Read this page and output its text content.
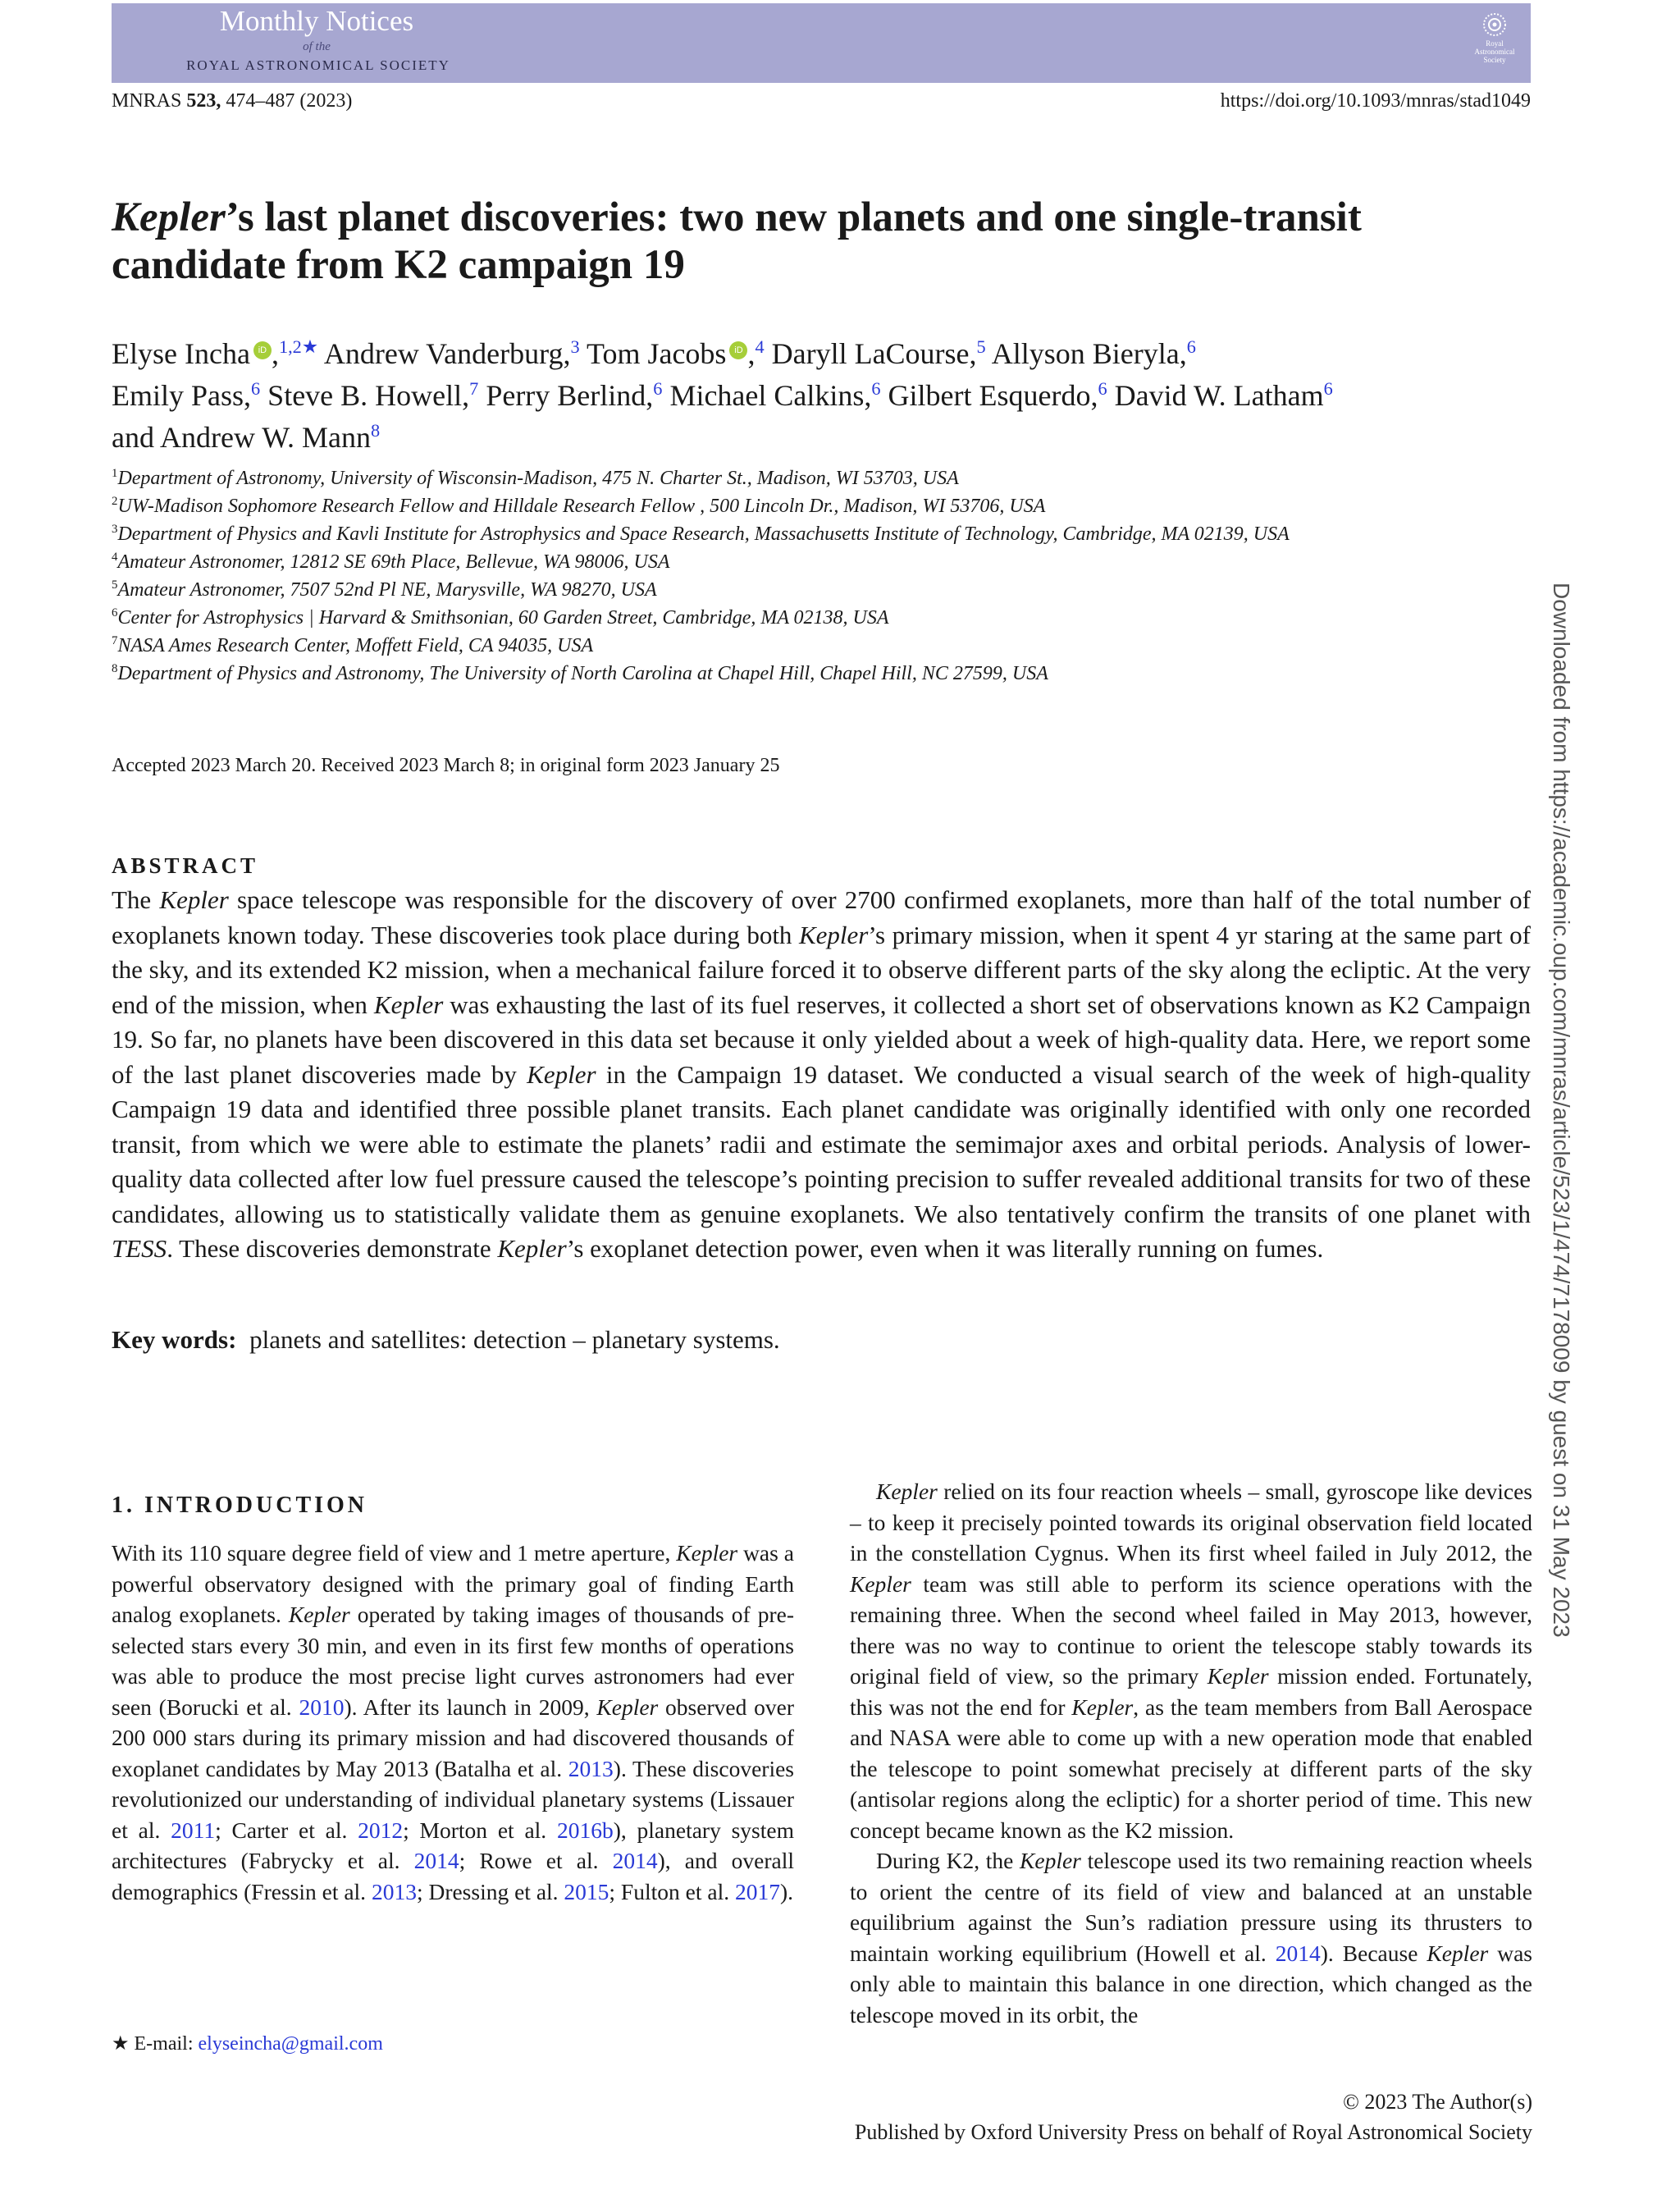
Monthly Notices
of the
ROYAL ASTRONOMICAL SOCIETY
Royal Astronomical Society
MNRAS 523, 474–487 (2023)	https://doi.org/10.1093/mnras/stad1049
Downloaded from https://academic.oup.com/mnras/article/523/1/474/7178009 by guest on 31 May 2023
Kepler’s last planet discoveries: two new planets and one single-transit candidate from K2 campaign 19
Elyse Incha iD ,$^{1,2★}$ Andrew Vanderburg,$^3$ Tom Jacobs iD ,$^4$ Daryll LaCourse,$^5$ Allyson Bieryla,$^6$
Emily Pass,$^6$ Steve B. Howell,$^7$ Perry Berlind,$^6$ Michael Calkins,$^6$ Gilbert Esquerdo,$^6$ David W. Latham$^6$
and Andrew W. Mann$^8$
$^1$Department of Astronomy, University of Wisconsin-Madison, 475 N. Charter St., Madison, WI 53703, USA
$^2$UW-Madison Sophomore Research Fellow and Hilldale Research Fellow , 500 Lincoln Dr., Madison, WI 53706, USA
$^3$Department of Physics and Kavli Institute for Astrophysics and Space Research, Massachusetts Institute of Technology, Cambridge, MA 02139, USA
$^4$Amateur Astronomer, 12812 SE 69th Place, Bellevue, WA 98006, USA
$^5$Amateur Astronomer, 7507 52nd Pl NE, Marysville, WA 98270, USA
$^6$Center for Astrophysics | Harvard & Smithsonian, 60 Garden Street, Cambridge, MA 02138, USA
$^7$NASA Ames Research Center, Moffett Field, CA 94035, USA
$^8$Department of Physics and Astronomy, The University of North Carolina at Chapel Hill, Chapel Hill, NC 27599, USA
Accepted 2023 March 20. Received 2023 March 8; in original form 2023 January 25
ABSTRACT

The Kepler space telescope was responsible for the discovery of over 2700 confirmed exoplanets, more than half of the total number of exoplanets known today. These discoveries took place during both Kepler’s primary mission, when it spent 4 yr staring at the same part of the sky, and its extended K2 mission, when a mechanical failure forced it to observe different parts of the sky along the ecliptic. At the very end of the mission, when Kepler was exhausting the last of its fuel reserves, it collected a short set of observations known as K2 Campaign 19. So far, no planets have been discovered in this data set because it only yielded about a week of high-quality data. Here, we report some of the last planet discoveries made by Kepler in the Campaign 19 dataset. We conducted a visual search of the week of high-quality Campaign 19 data and identified three possible planet transits. Each planet candidate was originally identified with only one recorded transit, from which we were able to estimate the planets’ radii and estimate the semimajor axes and orbital periods. Analysis of lower-quality data collected after low fuel pressure caused the telescope’s pointing precision to suffer revealed additional transits for two of these candidates, allowing us to statistically validate them as genuine exoplanets. We also tentatively confirm the transits of one planet with TESS. These discoveries demonstrate Kepler’s exoplanet detection power, even when it was literally running on fumes.

Key words: planets and satellites: detection – planetary systems.
1. INTRODUCTION

With its 110 square degree field of view and 1 metre aperture, Kepler was a powerful observatory designed with the primary goal of finding Earth analog exoplanets. Kepler operated by taking images of thousands of pre-selected stars every 30 min, and even in its first few months of operations was able to produce the most precise light curves astronomers had ever seen (Borucki et al. 2010). After its launch in 2009, Kepler observed over 200 000 stars during its primary mission and had discovered thousands of exoplanet candidates by May 2013 (Batalha et al. 2013). These discoveries revolutionized our understanding of individual planetary systems (Lissauer et al. 2011; Carter et al. 2012; Morton et al. 2016b), planetary system architectures (Fabrycky et al. 2014; Rowe et al. 2014), and overall demographics (Fressin et al. 2013; Dressing et al. 2015; Fulton et al. 2017).

Kepler relied on its four reaction wheels – small, gyroscope like devices – to keep it precisely pointed towards its original observation field located in the constellation Cygnus. When its first wheel failed in July 2012, the Kepler team was still able to perform its science operations with the remaining three. When the second wheel failed in May 2013, however, there was no way to continue to orient the telescope stably towards its original field of view, so the primary Kepler mission ended. Fortunately, this was not the end for Kepler, as the team members from Ball Aerospace and NASA were able to come up with a new operation mode that enabled the telescope to point somewhat precisely at different parts of the sky (antisolar regions along the ecliptic) for a shorter period of time. This new concept became known as the K2 mission.

During K2, the Kepler telescope used its two remaining reaction wheels to orient the centre of its field of view and balanced at an unstable equilibrium against the Sun’s radiation pressure using its thrusters to maintain working equilibrium (Howell et al. 2014). Because Kepler was only able to maintain this balance in one direction, which changed as the telescope moved in its orbit, the

★ E-mail: elyseincha@gmail.com
© 2023 The Author(s)
Published by Oxford University Press on behalf of Royal Astronomical Society
